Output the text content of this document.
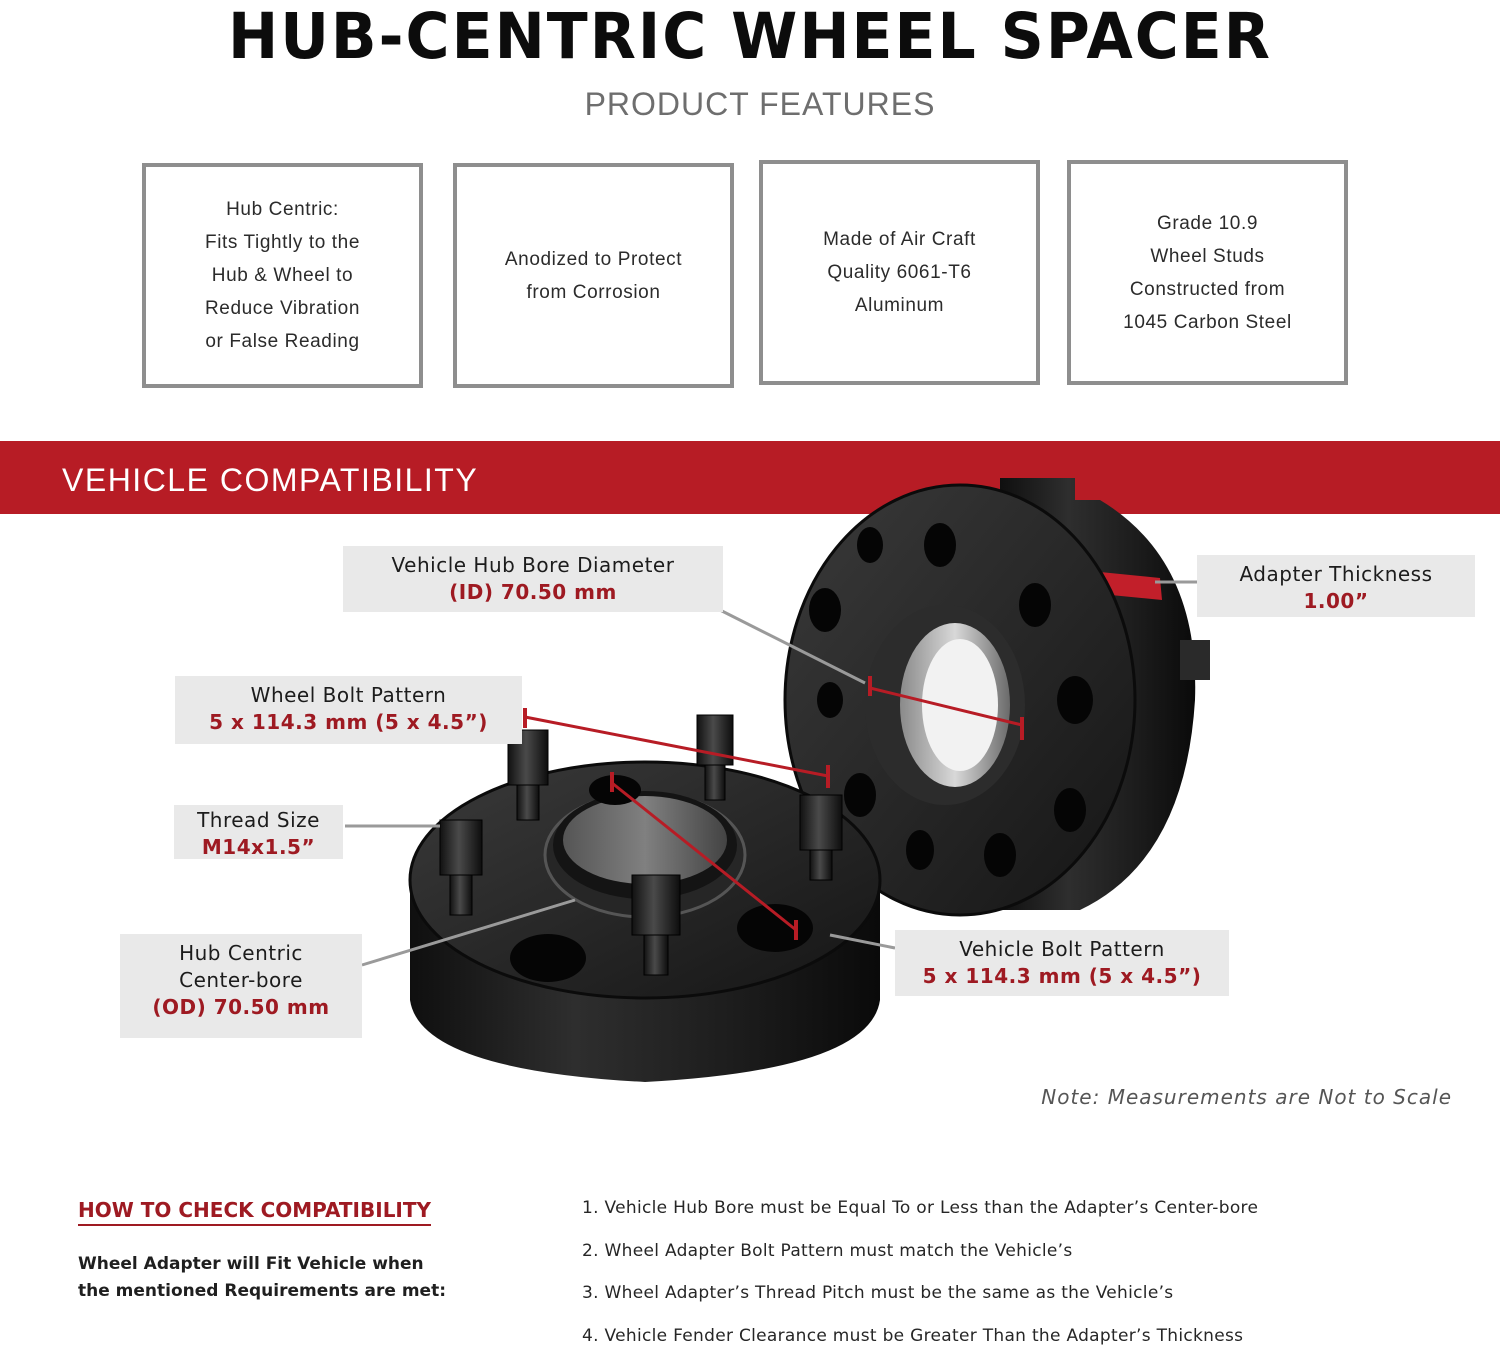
HUB-CENTRIC WHEEL SPACER
PRODUCT FEATURES
Hub Centric:
Fits Tightly to the
Hub & Wheel to
Reduce Vibration
or False Reading
Anodized to Protect
from Corrosion
Made of Air Craft
Quality 6061-T6
Aluminum
Grade 10.9
Wheel Studs
Constructed from
1045 Carbon Steel
VEHICLE COMPATIBILITY
Vehicle Hub Bore Diameter
(ID) 70.50 mm
Adapter Thickness
1.00”
Wheel Bolt Pattern
5 x 114.3 mm (5 x 4.5”)
Thread Size
M14x1.5”
Hub Centric
Center-bore
(OD) 70.50 mm
Vehicle Bolt Pattern
5 x 114.3 mm (5 x 4.5”)
Note: Measurements are Not to Scale
HOW TO CHECK COMPATIBILITY
Wheel Adapter will Fit Vehicle when
the mentioned Requirements are met:
1. Vehicle Hub Bore must be Equal To or Less than the Adapter’s Center-bore
2. Wheel Adapter Bolt Pattern must match the Vehicle’s
3. Wheel Adapter’s Thread Pitch must be the same as the Vehicle’s
4. Vehicle Fender Clearance must be Greater Than the Adapter’s Thickness
